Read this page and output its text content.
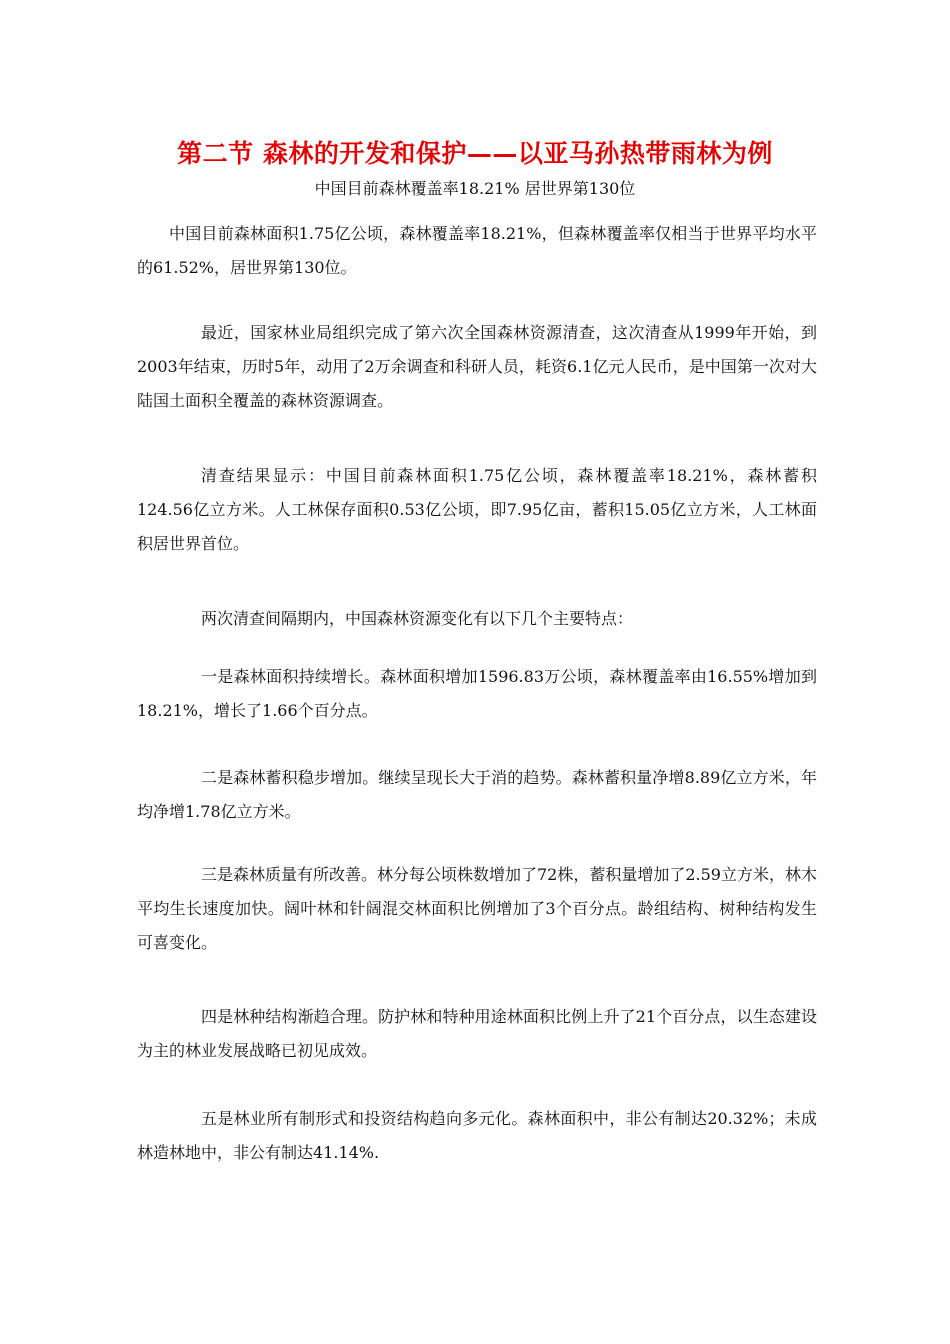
第二节 森林的开发和保护——以亚马孙热带雨林为例
中国目前森林覆盖率18.21% 居世界第130位

中国目前森林面积1.75亿公顷，森林覆盖率18.21%，但森林覆盖率仅相当于世界平均水平的61.52%，居世界第130位。

最近，国家林业局组织完成了第六次全国森林资源清查，这次清查从1999年开始，到2003年结束，历时5年，动用了2万余调查和科研人员，耗资6.1亿元人民币，是中国第一次对大陆国土面积全覆盖的森林资源调查。

清查结果显示：中国目前森林面积1.75亿公顷，森林覆盖率18.21%，森林蓄积124.56亿立方米。人工林保存面积0.53亿公顷，即7.95亿亩，蓄积15.05亿立方米，人工林面积居世界首位。

两次清查间隔期内，中国森林资源变化有以下几个主要特点：

一是森林面积持续增长。森林面积增加1596.83万公顷，森林覆盖率由16.55%增加到18.21%，增长了1.66个百分点。

二是森林蓄积稳步增加。继续呈现长大于消的趋势。森林蓄积量净增8.89亿立方米，年均净增1.78亿立方米。

三是森林质量有所改善。林分每公顷株数增加了72株，蓄积量增加了2.59立方米，林木平均生长速度加快。阔叶林和针阔混交林面积比例增加了3个百分点。龄组结构、树种结构发生可喜变化。

四是林种结构渐趋合理。防护林和特种用途林面积比例上升了21个百分点，以生态建设为主的林业发展战略已初见成效。

五是林业所有制形式和投资结构趋向多元化。森林面积中，非公有制达20.32%；未成林造林地中，非公有制达41.14%.
